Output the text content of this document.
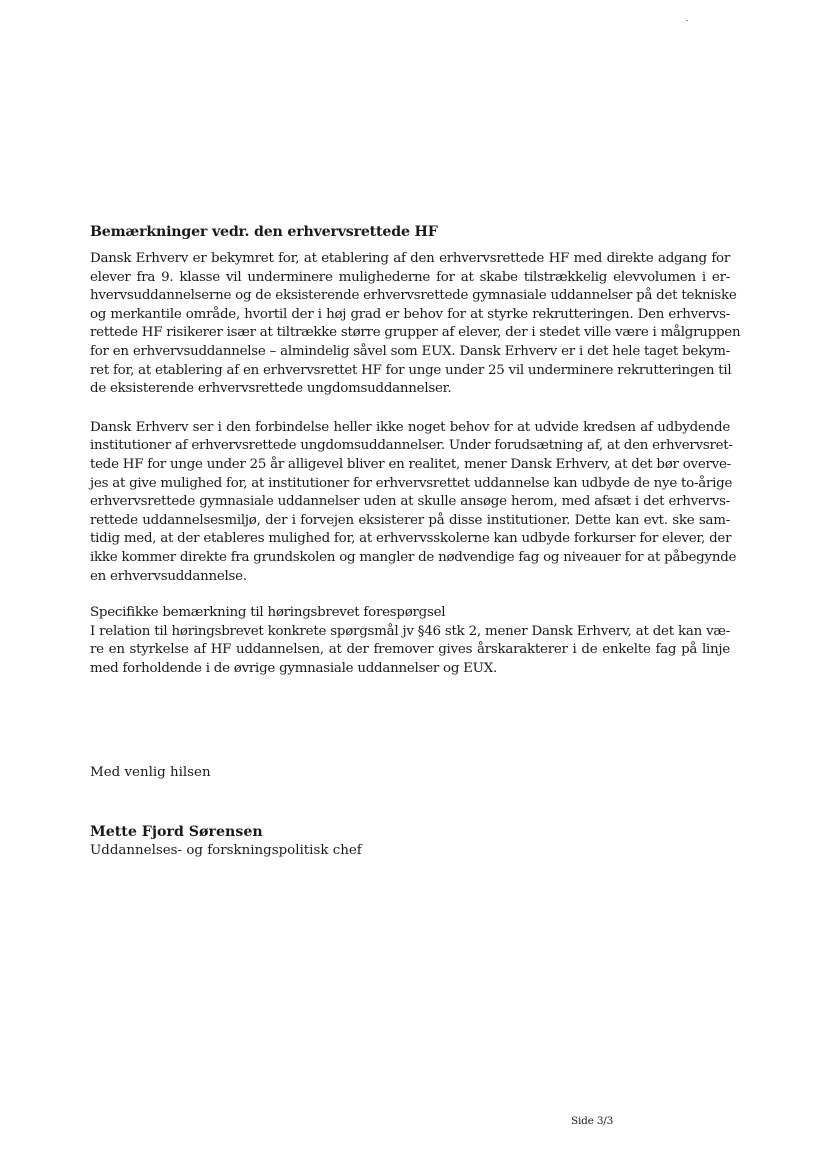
Bemærkninger vedr. den erhvervsrettede HF

Dansk Erhverv er bekymret for, at etablering af den erhvervsrettede HF med direkte adgang for
elever fra 9. klasse vil underminere mulighederne for at skabe tilstrækkelig elevvolumen i er-
hvervsuddannelserne og de eksisterende erhvervsrettede gymnasiale uddannelser på det tekniske
og merkantile område, hvortil der i høj grad er behov for at styrke rekrutteringen. Den erhvervs-
rettede HF risikerer især at tiltrække større grupper af elever, der i stedet ville være i målgruppen
for en erhvervsuddannelse – almindelig såvel som EUX. Dansk Erhverv er i det hele taget bekym-
ret for, at etablering af en erhvervsrettet HF for unge under 25 vil underminere rekrutteringen til
de eksisterende erhvervsrettede ungdomsuddannelser.

Dansk Erhverv ser i den forbindelse heller ikke noget behov for at udvide kredsen af udbydende
institutioner af erhvervsrettede ungdomsuddannelser. Under forudsætning af, at den erhvervsret-
tede HF for unge under 25 år alligevel bliver en realitet, mener Dansk Erhverv, at det bør overve-
jes at give mulighed for, at institutioner for erhvervsrettet uddannelse kan udbyde de nye to-årige
erhvervsrettede gymnasiale uddannelser uden at skulle ansøge herom, med afsæt i det erhvervs-
rettede uddannelsesmiljø, der i forvejen eksisterer på disse institutioner. Dette kan evt. ske sam-
tidig med, at der etableres mulighed for, at erhvervsskolerne kan udbyde forkurser for elever, der
ikke kommer direkte fra grundskolen og mangler de nødvendige fag og niveauer for at påbegynde
en erhvervsuddannelse.

Specifikke bemærkning til høringsbrevet forespørgsel
I relation til høringsbrevet konkrete spørgsmål jv §46 stk 2, mener Dansk Erhverv, at det kan væ-
re en styrkelse af HF uddannelsen, at der fremover gives årskarakterer i de enkelte fag på linje
med forholdende i de øvrige gymnasiale uddannelser og EUX.

Med venlig hilsen
Mette Fjord Sørensen
Uddannelses- og forskningspolitisk chef
Side 3/3
